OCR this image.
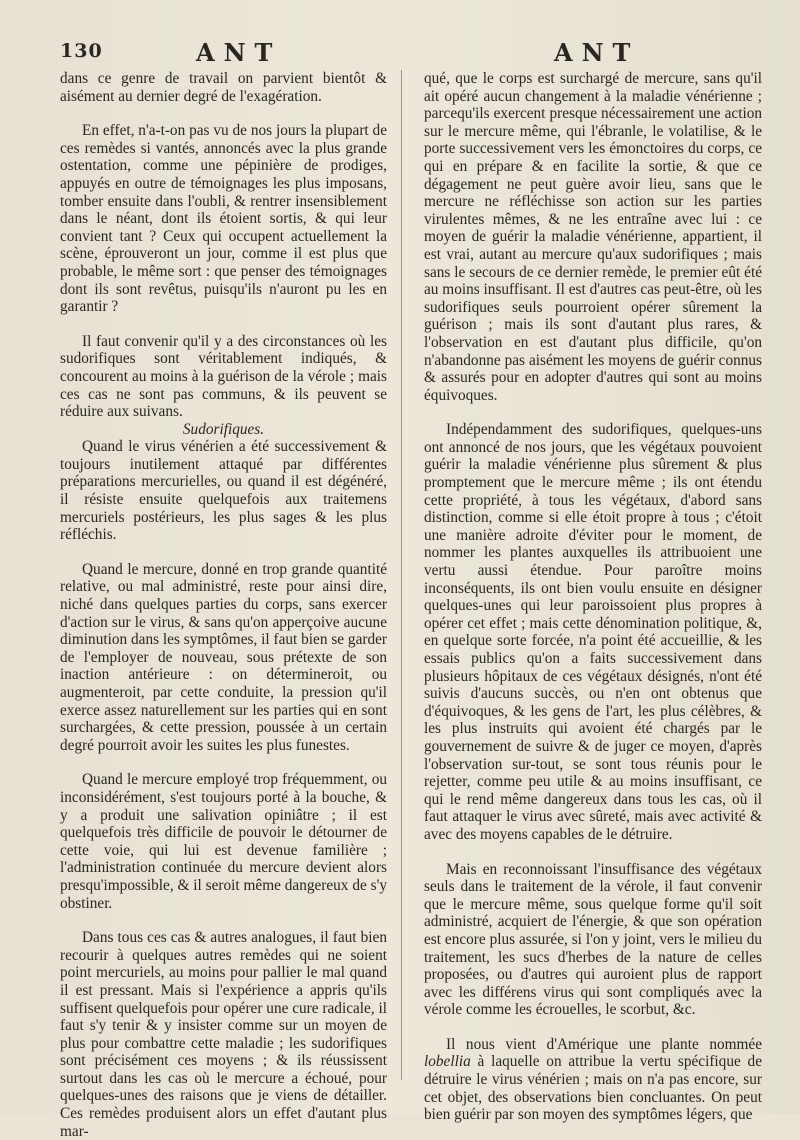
130	ANT	ANT

dans ce genre de travail on parvient bientôt & aisément au dernier degré de l'exagération.

En effet, n'a-t-on pas vu de nos jours la plupart de ces remèdes si vantés, annoncés avec la plus grande ostentation, comme une pépinière de prodiges, appuyés en outre de témoignages les plus imposans, tomber ensuite dans l'oubli, & rentrer insensiblement dans le néant, dont ils étoient sortis, & qui leur convient tant ? Ceux qui occupent actuellement la scène, éprouveront un jour, comme il est plus que probable, le même sort : que penser des témoignages dont ils sont revêtus, puisqu'ils n'auront pu les en garantir ?

Il faut convenir qu'il y a des circonstances où les sudorifiques sont véritablement indiqués, & concourent au moins à la guérison de la vérole ; mais ces cas ne sont pas communs, & ils peuvent se réduire aux suivans.

Sudorifiques.

Quand le virus vénérien a été successivement & toujours inutilement attaqué par différentes préparations mercurielles, ou quand il est dégénéré, il résiste ensuite quelquefois aux traitemens mercuriels postérieurs, les plus sages & les plus réfléchis.

Quand le mercure, donné en trop grande quantité relative, ou mal administré, reste pour ainsi dire, niché dans quelques parties du corps, sans exercer d'action sur le virus, & sans qu'on apperçoive aucune diminution dans les symptômes, il faut bien se garder de l'employer de nouveau, sous prétexte de son inaction antérieure : on détermineroit, ou augmenteroit, par cette conduite, la pression qu'il exerce assez naturellement sur les parties qui en sont surchargées, & cette pression, poussée à un certain degré pourroit avoir les suites les plus funestes.

Quand le mercure employé trop fréquemment, ou inconsidérément, s'est toujours porté à la bouche, & y a produit une salivation opiniâtre ; il est quelquefois très difficile de pouvoir le détourner de cette voie, qui lui est devenue familière ; l'administration continuée du mercure devient alors presqu'impossible, & il seroit même dangereux de s'y obstiner.

Dans tous ces cas & autres analogues, il faut bien recourir à quelques autres remèdes qui ne soient point mercuriels, au moins pour pallier le mal quand il est pressant. Mais si l'expérience a appris qu'ils suffisent quelquefois pour opérer une cure radicale, il faut s'y tenir & y insister comme sur un moyen de plus pour combattre cette maladie ; les sudorifiques sont précisément ces moyens ; & ils réussissent surtout dans les cas où le mercure a échoué, pour quelques-unes des raisons que je viens de détailler. Ces remèdes produisent alors un effet d'autant plus mar-

qué, que le corps est surchargé de mercure, sans qu'il ait opéré aucun changement à la maladie vénérienne ; parcequ'ils exercent presque nécessairement une action sur le mercure même, qui l'ébranle, le volatilise, & le porte successivement vers les émonctoires du corps, ce qui en prépare & en facilite la sortie, & que ce dégagement ne peut guère avoir lieu, sans que le mercure ne réfléchisse son action sur les parties virulentes mêmes, & ne les entraîne avec lui : ce moyen de guérir la maladie vénérienne, appartient, il est vrai, autant au mercure qu'aux sudorifiques ; mais sans le secours de ce dernier remède, le premier eût été au moins insuffisant. Il est d'autres cas peut-être, où les sudorifiques seuls pourroient opérer sûrement la guérison ; mais ils sont d'autant plus rares, & l'observation en est d'autant plus difficile, qu'on n'abandonne pas aisément les moyens de guérir connus & assurés pour en adopter d'autres qui sont au moins équivoques.

Indépendamment des sudorifiques, quelques-uns ont annoncé de nos jours, que les végétaux pouvoient guérir la maladie vénérienne plus sûrement & plus promptement que le mercure même ; ils ont étendu cette propriété, à tous les végétaux, d'abord sans distinction, comme si elle étoit propre à tous ; c'étoit une manière adroite d'éviter pour le moment, de nommer les plantes auxquelles ils attribuoient une vertu aussi étendue. Pour paroître moins inconséquents, ils ont bien voulu ensuite en désigner quelques-unes qui leur paroissoient plus propres à opérer cet effet ; mais cette dénomination politique, &, en quelque sorte forcée, n'a point été accueillie, & les essais publics qu'on a faits successivement dans plusieurs hôpitaux de ces végétaux désignés, n'ont été suivis d'aucuns succès, ou n'en ont obtenus que d'équivoques, & les gens de l'art, les plus célèbres, & les plus instruits qui avoient été chargés par le gouvernement de suivre & de juger ce moyen, d'après l'observation sur-tout, se sont tous réunis pour le rejetter, comme peu utile & au moins insuffisant, ce qui le rend même dangereux dans tous les cas, où il faut attaquer le virus avec sûreté, mais avec activité & avec des moyens capables de le détruire.

Mais en reconnoissant l'insuffisance des végétaux seuls dans le traitement de la vérole, il faut convenir que le mercure même, sous quelque forme qu'il soit administré, acquiert de l'énergie, & que son opération est encore plus assurée, si l'on y joint, vers le milieu du traitement, les sucs d'herbes de la nature de celles proposées, ou d'autres qui auroient plus de rapport avec les différens virus qui sont compliqués avec la vérole comme les écrouelles, le scorbut, &c.

Il nous vient d'Amérique une plante nommée lobellia à laquelle on attribue la vertu spécifique de détruire le virus vénérien ; mais on n'a pas encore, sur cet objet, des observations bien concluantes. On peut bien guérir par son moyen des symptômes légers, que
